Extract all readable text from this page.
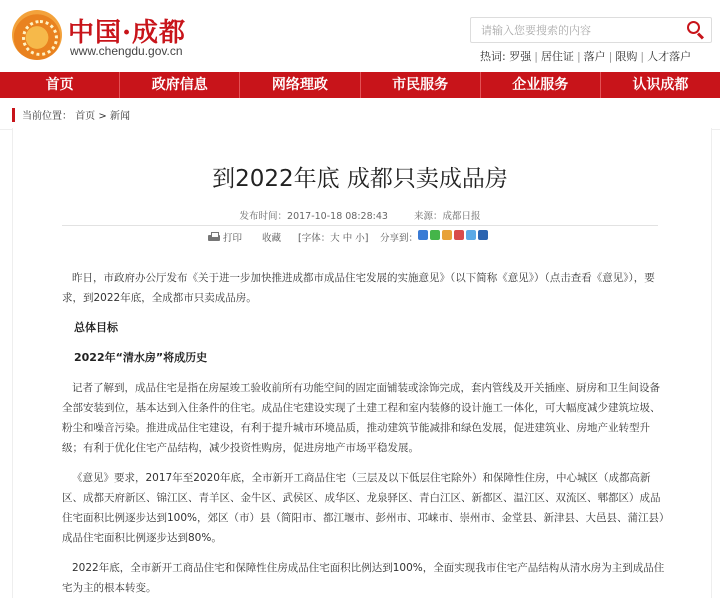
中国·成都
www.chengdu.gov.cn
请输入您要搜索的内容	热词: 罗强 | 居住证 | 落户 | 限购 | 人才落户
首页	政府信息	网络理政	市民服务	企业服务	认识成都
当前位置： 首页 > 新闻
到2022年底 成都只卖成品房
发布时间：2017-10-18 08:28:43	来源：成都日报
打印 收藏 [字体：大 中 小] 分享到：

昨日，市政府办公厅发布《关于进一步加快推进成都市成品住宅发展的实施意见》（以下简称《意见》）（点击查看《意见》），要求，到2022年底，全成都市只卖成品房。

总体目标

2022年“清水房”将成历史

记者了解到，成品住宅是指在房屋竣工验收前所有功能空间的固定面铺装或涂饰完成，套内管线及开关插座、厨房和卫生间设备全部安装到位，基本达到入住条件的住宅。成品住宅建设实现了土建工程和室内装修的设计施工一体化，可大幅度减少建筑垃圾、粉尘和噪音污染。推进成品住宅建设，有利于提升城市环境品质，推动建筑节能减排和绿色发展，促进建筑业、房地产业转型升级；有利于优化住宅产品结构，减少投资性购房，促进房地产市场平稳发展。

《意见》要求，2017年至2020年底，全市新开工商品住宅（三层及以下低层住宅除外）和保障性住房，中心城区（成都高新区、成都天府新区、锦江区、青羊区、金牛区、武侯区、成华区、龙泉驿区、青白江区、新都区、温江区、双流区、郫都区）成品住宅面积比例逐步达到100%，郊区（市）县（简阳市、都江堰市、彭州市、邛崃市、崇州市、金堂县、新津县、大邑县、蒲江县）成品住宅面积比例逐步达到80%。

2022年底，全市新开工商品住宅和保障性住房成品住宅面积比例达到100%，全面实现我市住宅产品结构从清水房为主到成品住宅为主的根本转变。
